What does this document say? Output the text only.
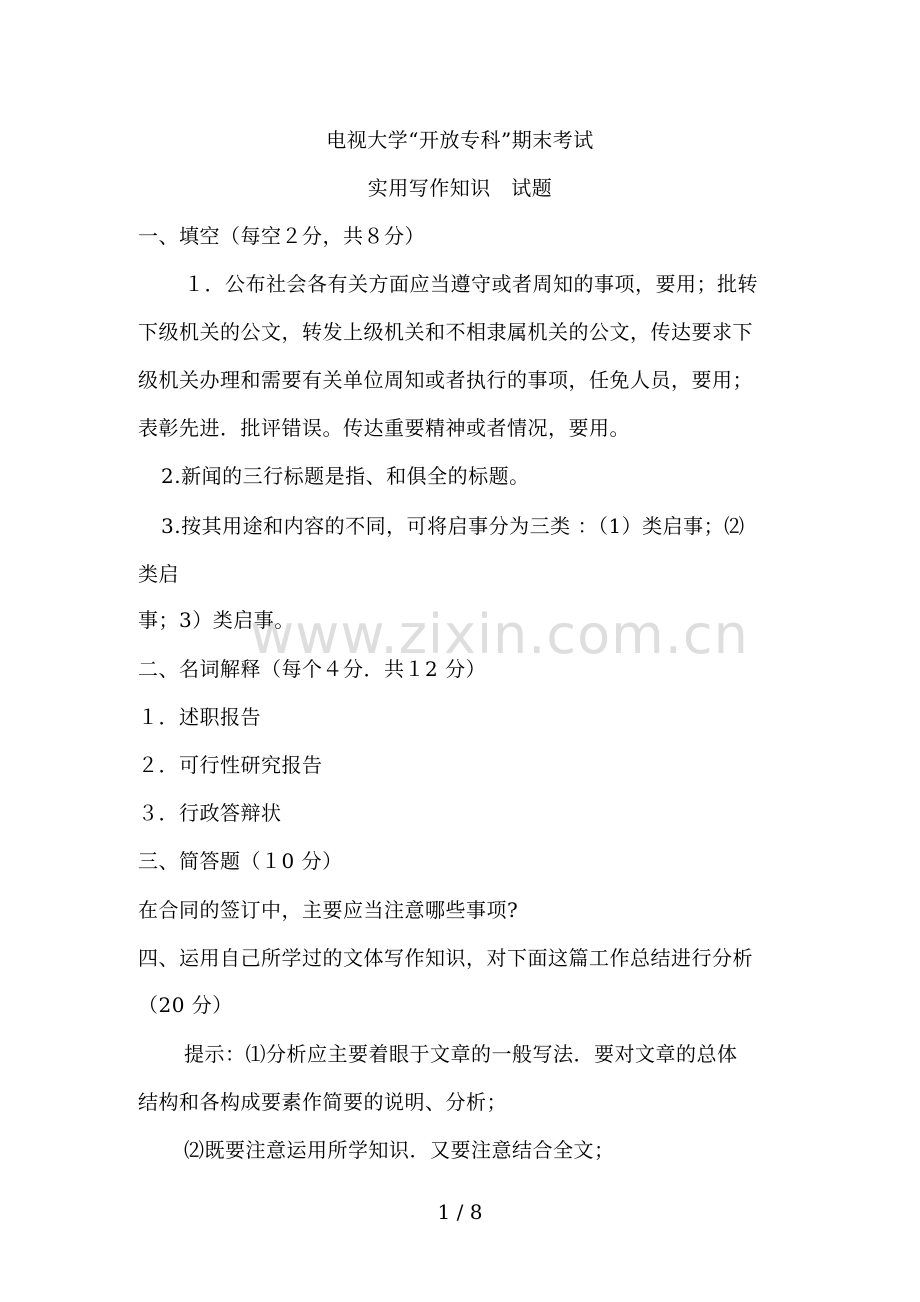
电视大学“开放专科”期末考试
实用写作知识　试题
一、填空（每空２分，共８分）
１．公布社会各有关方面应当遵守或者周知的事项，要用；批转
下级机关的公文，转发上级机关和不相隶属机关的公文，传达要求下
级机关办理和需要有关单位周知或者执行的事项，任免人员，要用；
表彰先进．批评错误。传达重要精神或者情况，要用。
2.新闻的三行标题是指、和俱全的标题。
3.按其用途和内容的不同，可将启事分为三类 ：（1）类启事；⑵
类启
事；3）类启事。
二、名词解释（每个４分．共１2 分）
１．述职报告
２．可行性研究报告
３．行政答辩状
三、简答题（１0 分）
在合同的签订中，主要应当注意哪些事项?
四、运用自己所学过的文体写作知识，对下面这篇工作总结进行分析
（20 分）
提示：⑴分析应主要着眼于文章的一般写法．要对文章的总体
结构和各构成要素作简要的说明、分析；
⑵既要注意运用所学知识．又要注意结合全文；
www.zixin.com.cn
1 / 8
